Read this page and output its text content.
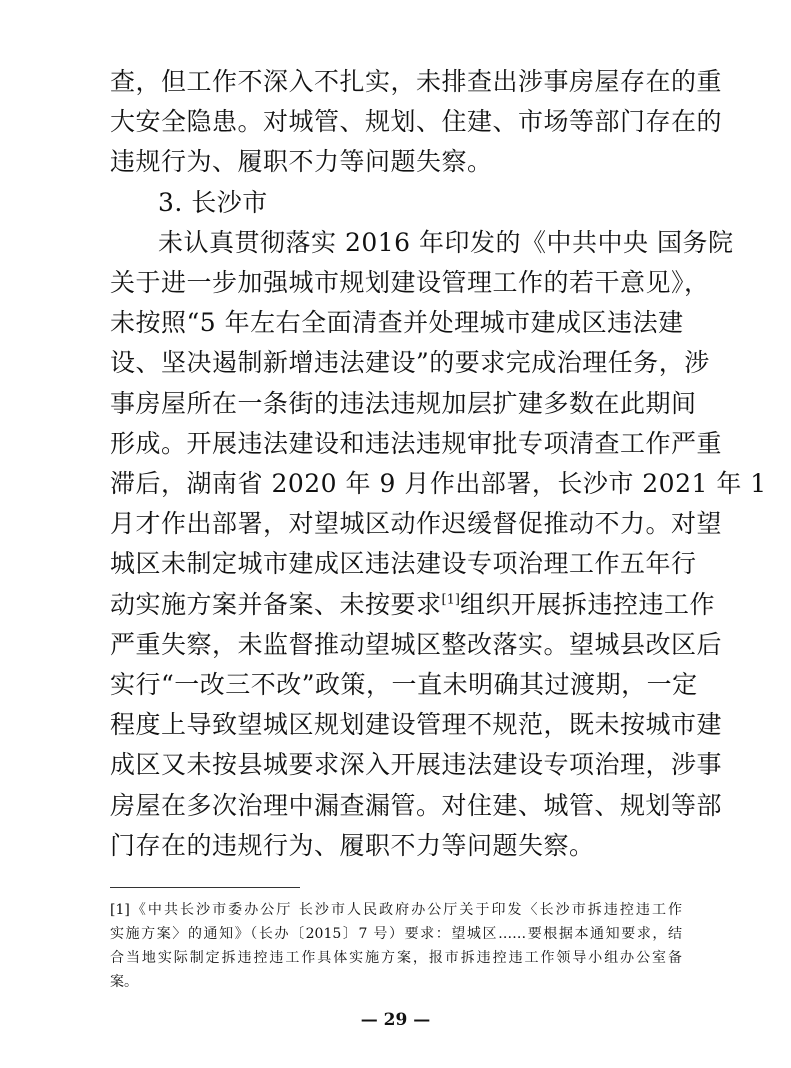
查，但工作不深入不扎实，未排查出涉事房屋存在的重
大安全隐患。对城管、规划、住建、市场等部门存在的
违规行为、履职不力等问题失察。
3. 长沙市
未认真贯彻落实 2016 年印发的《中共中央 国务院
关于进一步加强城市规划建设管理工作的若干意见》，
未按照“5 年左右全面清查并处理城市建成区违法建
设、坚决遏制新增违法建设”的要求完成治理任务，涉
事房屋所在一条街的违法违规加层扩建多数在此期间
形成。开展违法建设和违法违规审批专项清查工作严重
滞后，湖南省 2020 年 9 月作出部署，长沙市 2021 年 1
月才作出部署，对望城区动作迟缓督促推动不力。对望
城区未制定城市建成区违法建设专项治理工作五年行
动实施方案并备案、未按要求[1]组织开展拆违控违工作
严重失察，未监督推动望城区整改落实。望城县改区后
实行“一改三不改”政策，一直未明确其过渡期，一定
程度上导致望城区规划建设管理不规范，既未按城市建
成区又未按县城要求深入开展违法建设专项治理，涉事
房屋在多次治理中漏查漏管。对住建、城管、规划等部
门存在的违规行为、履职不力等问题失察。
[1]《中共长沙市委办公厅 长沙市人民政府办公厅关于印发〈长沙市拆违控违工作
实施方案〉的通知》（长办〔2015〕7 号）要求：望城区……要根据本通知要求，结
合当地实际制定拆违控违工作具体实施方案，报市拆违控违工作领导小组办公室备
案。
— 29 —
